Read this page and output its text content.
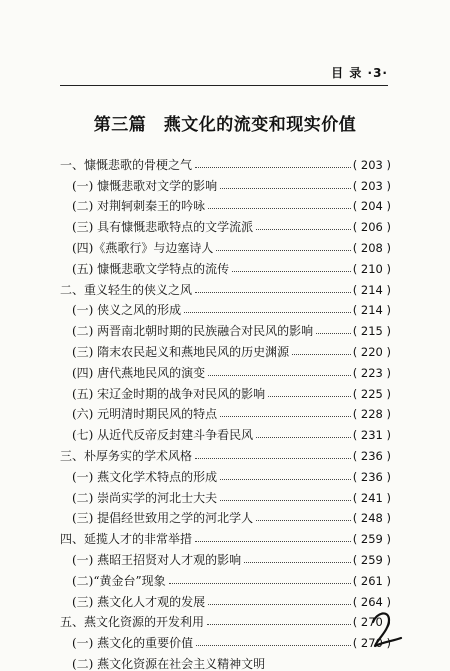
目 录 ·3·
第三篇　燕文化的流变和现实价值
一、慷慨悲歌的骨梗之气	( 203 )
(一) 慷慨悲歌对文学的影响	( 203 )
(二) 对荆轲刺秦王的吟咏	( 204 )
(三) 具有慷慨悲歌特点的文学流派	( 206 )
(四)《燕歌行》与边塞诗人	( 208 )
(五) 慷慨悲歌文学特点的流传	( 210 )
二、重义轻生的侠义之风	( 214 )
(一) 侠义之风的形成	( 214 )
(二) 两晋南北朝时期的民族融合对民风的影响	( 215 )
(三) 隋末农民起义和燕地民风的历史渊源	( 220 )
(四) 唐代燕地民风的演变	( 223 )
(五) 宋辽金时期的战争对民风的影响	( 225 )
(六) 元明清时期民风的特点	( 228 )
(七) 从近代反帝反封建斗争看民风	( 231 )
三、朴厚务实的学术风格	( 236 )
(一) 燕文化学术特点的形成	( 236 )
(二) 崇尚实学的河北士大夫	( 241 )
(三) 提倡经世致用之学的河北学人	( 248 )
四、延揽人才的非常举措	( 259 )
(一) 燕昭王招贤对人才观的影响	( 259 )
(二)“黄金台”现象	( 261 )
(三) 燕文化人才观的发展	( 264 )
五、燕文化资源的开发利用	( 270 )
(一) 燕文化的重要价值	( 270 )
(二) 燕文化资源在社会主义精神文明
